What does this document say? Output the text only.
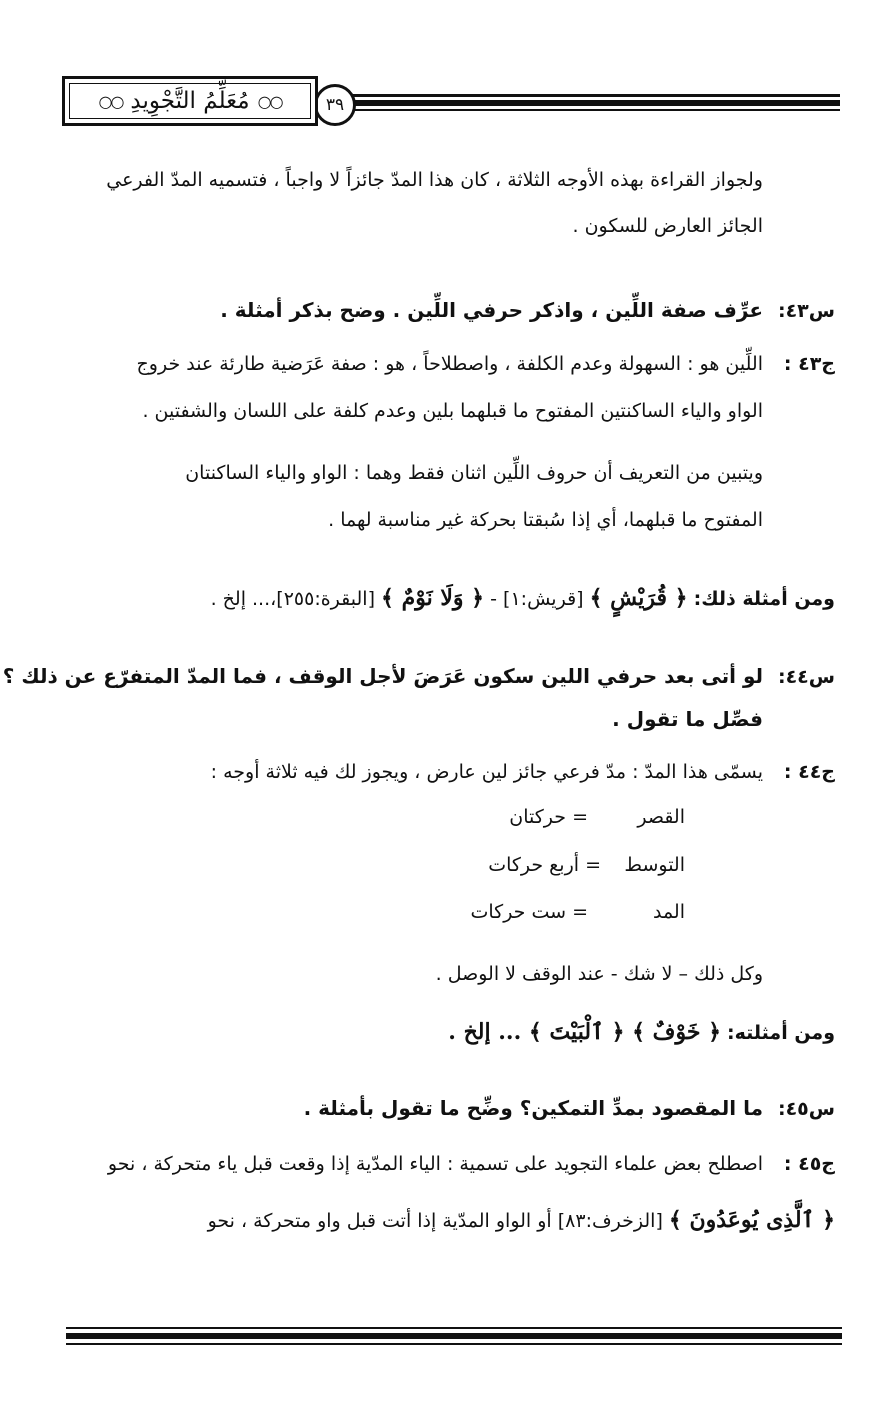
٣٩
○○
مُعَلِّمُ التَّجْوِيدِ
○○
ولجواز القراءة بهذه الأوجه الثلاثة ، كان هذا المدّ جائزاً لا واجباً ، فتسميه المدّ الفرعي
الجائز العارض للسكون .
س٤٣:
عرِّف صفة اللِّين ، واذكر حرفي اللِّين . وضح بذكر أمثلة .
ج٤٣ :
اللِّين هو : السهولة وعدم الكلفة ، واصطلاحاً ، هو : صفة عَرَضية طارئة عند خروج
الواو والياء الساكنتين المفتوح ما قبلهما بلين وعدم كلفة على اللسان والشفتين .
ويتبين من التعريف أن حروف اللِّين اثنان فقط وهما : الواو والياء الساكنتان
المفتوح ما قبلهما، أي إذا سُبقتا بحركة غير مناسبة لهما .
ومن أمثلة ذلك: ﴿ قُرَيْشٍ ﴾ [قريش:١] - ﴿ وَلَا نَوْمٌ ﴾ [البقرة:٢٥٥]،... إلخ .
س٤٤:
لو أتى بعد حرفي اللين سكون عَرَضَ لأجل الوقف ، فما المدّ المتفرّع عن ذلك ؟
فصِّل ما تقول .
ج٤٤ :
يسمّى هذا المدّ : مدّ فرعي جائز لين عارض ، ويجوز لك فيه ثلاثة أوجه :
القصر
= حركتان
التوسط
= أربع حركات
المد
= ست حركات
وكل ذلك – لا شك - عند الوقف لا الوصل .
ومن أمثلته: ﴿ خَوْفٌ ﴾ ﴿ ٱلْبَيْتَ ﴾ ... إلخ .
س٤٥:
ما المقصود بمدِّ التمكين؟ وضِّح ما تقول بأمثلة .
ج٤٥ :
اصطلح بعض علماء التجويد على تسمية : الياء المدّية إذا وقعت قبل ياء متحركة ، نحو
﴿ ٱلَّذِى يُوعَدُونَ ﴾ [الزخرف:٨٣] أو الواو المدّية إذا أتت قبل واو متحركة ، نحو
